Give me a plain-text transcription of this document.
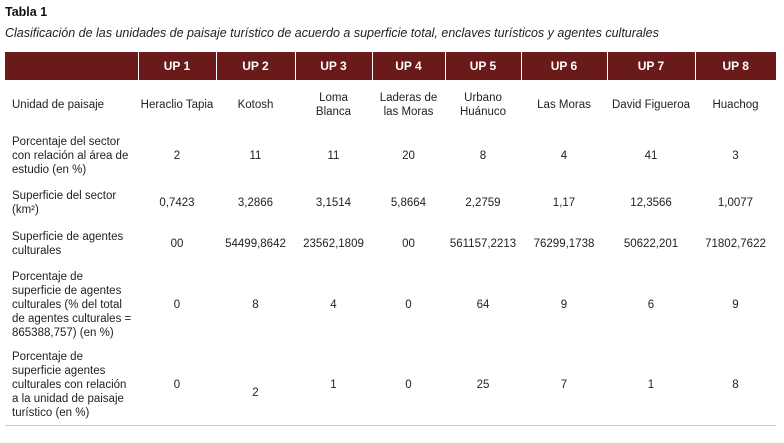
Tabla 1
Clasificación de las unidades de paisaje turístico de acuerdo a superficie total, enclaves turísticos y agentes culturales
	UP 1	UP 2	UP 3	UP 4	UP 5	UP 6	UP 7	UP 8
Unidad de paisaje	Heraclio Tapia	Kotosh	Loma Blanca	Laderas de las Moras	Urbano Huánuco	Las Moras	David Figueroa	Huachog
Porcentaje del sector con relación al área de estudio (en %)	2	11	11	20	8	4	41	3
Superficie del sector (km²)	0,7423	3,2866	3,1514	5,8664	2,2759	1,17	12,3566	1,0077
Superficie de agentes culturales	00	54499,8642	23562,1809	00	561157,2213	76299,1738	50622,201	71802,7622
Porcentaje de superficie de agentes culturales (% del total de agentes culturales = 865388,757) (en %)	0	8	4	0	64	9	6	9
Porcentaje de superficie agentes culturales con relación a la unidad de paisaje turístico (en %)	0	2	1	0	25	7	1	8
